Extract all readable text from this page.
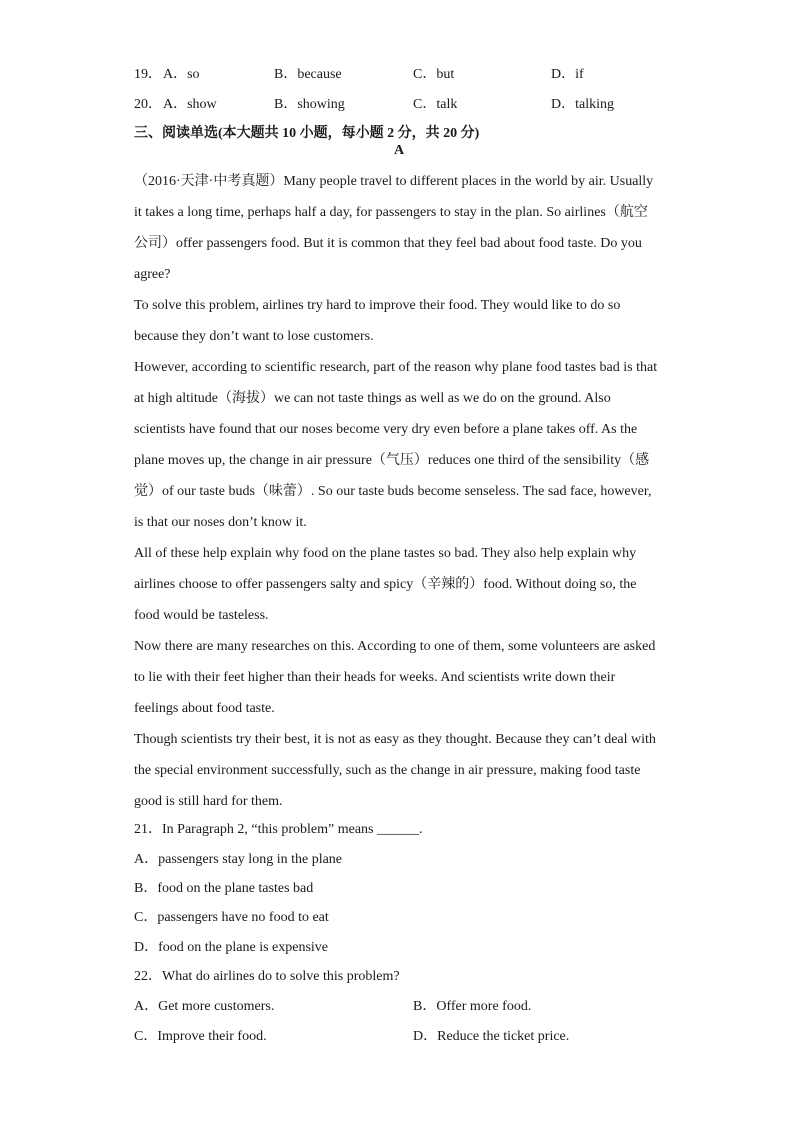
19． A．so	B．because	C．but	D．if
20． A．show	B．showing	C．talk	D．talking
三、阅读单选(本大题共 10 小题，每小题 2 分，共 20 分)
A
（2016·天津·中考真题）Many people travel to different places in the world by air. Usually
it takes a long time, perhaps half a day, for passengers to stay in the plan. So airlines（航空
公司）offer passengers food. But it is common that they feel bad about food taste. Do you
agree?
To solve this problem, airlines try hard to improve their food. They would like to do so
because they don’t want to lose customers.
However, according to scientific research, part of the reason why plane food tastes bad is that
at high altitude（海拔）we can not taste things as well as we do on the ground. Also
scientists have found that our noses become very dry even before a plane takes off. As the
plane moves up, the change in air pressure（气压）reduces one third of the sensibility（感
觉）of our taste buds（味蕾）. So our taste buds become senseless. The sad face, however,
is that our noses don’t know it.
All of these help explain why food on the plane tastes so bad. They also help explain why
airlines choose to offer passengers salty and spicy（辛辣的）food. Without doing so, the
food would be tasteless.
Now there are many researches on this. According to one of them, some volunteers are asked
to lie with their feet higher than their heads for weeks. And scientists write down their
feelings about food taste.
Though scientists try their best, it is not as easy as they thought. Because they can’t deal with
the special environment successfully, such as the change in air pressure, making food taste
good is still hard for them.
21．In Paragraph 2, “this problem” means ______.
A．passengers stay long in the plane
B．food on the plane tastes bad
C．passengers have no food to eat
D．food on the plane is expensive
22．What do airlines do to solve this problem?
A．Get more customers.	B．Offer more food.
C．Improve their food.	D．Reduce the ticket price.
